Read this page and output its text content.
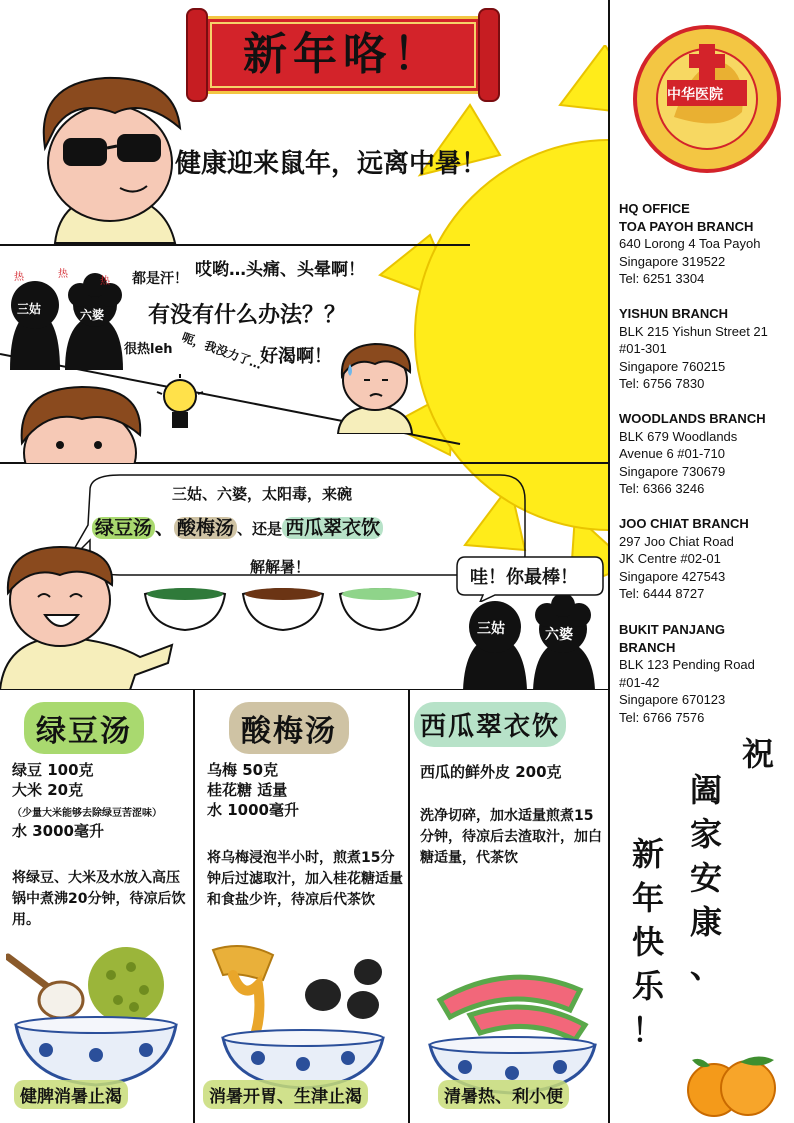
新年咯！
健康迎来鼠年，远离中暑！
三姑	六婆
热	热
热 都是汗！ 哎哟…头痛、头晕啊！
有没有什么办法？？
很热leh 呃，我没力了…
好渴啊！
三姑、六婆，太阳毒，来碗
绿豆汤 、 酸梅汤 、还是 西瓜翠衣饮
解解暑！	哇！你最棒！
三姑	六婆
绿豆汤
绿豆 100克
大米 20克
（少量大米能够去除绿豆苦涩味）
水 3000毫升
将绿豆、大米及水放入高压锅中煮沸20分钟，待凉后饮用。
健脾消暑止渴
酸梅汤
乌梅 50克
桂花糖 适量
水 1000毫升
将乌梅浸泡半小时，煎煮15分钟后过滤取汁，加入桂花糖适量和食盐少许，待凉后代茶饮
消暑开胃、生津止渴
西瓜翠衣饮
西瓜的鲜外皮 200克
洗净切碎，加水适量煎煮15分钟，待凉后去渣取汁，加白糖适量，代茶饮
清暑热、利小便
中华医院
HQ OFFICE
TOA PAYOH BRANCH
640 Lorong 4 Toa Payoh
Singapore 319522
Tel: 6251 3304
YISHUN BRANCH
BLK 215 Yishun Street 21
#01-301
Singapore 760215
Tel: 6756 7830
WOODLANDS BRANCH
BLK 679 Woodlands
Avenue 6 #01-710
Singapore 730679
Tel: 6366 3246
JOO CHIAT BRANCH
297 Joo Chiat Road
JK Centre #02-01
Singapore 427543
Tel: 6444 8727
BUKIT PANJANG
BRANCH
BLK 123 Pending Road
#01-42
Singapore 670123
Tel: 6766 7576
祝
阖
家
安
康
、
新
年
快
乐
！
